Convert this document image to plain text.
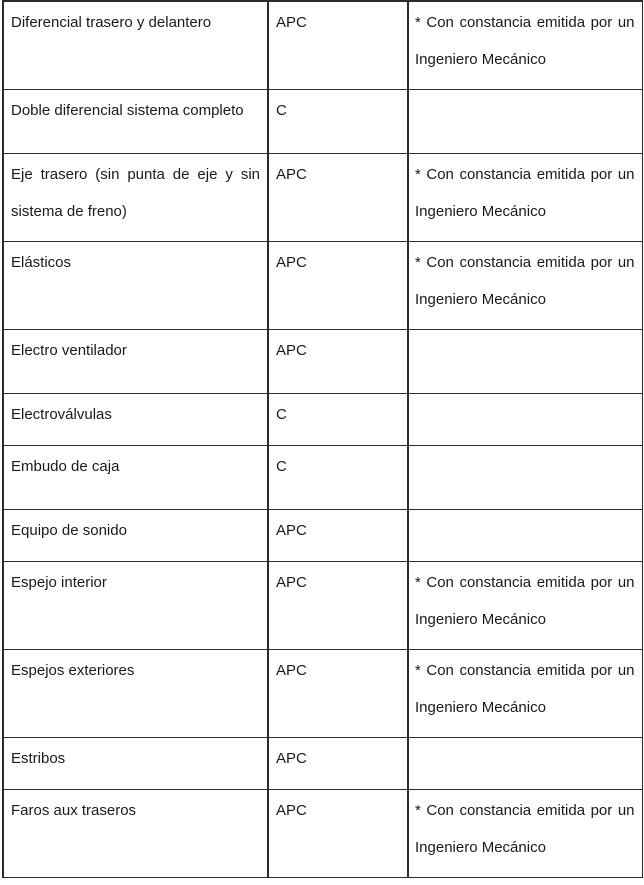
Diferencial trasero y delantero	APC	* Con constancia emitida por un Ingeniero Mecánico
Doble diferencial sistema completo	C	
Eje trasero (sin punta de eje y sin sistema de freno)	APC	* Con constancia emitida por un Ingeniero Mecánico
Elásticos	APC	* Con constancia emitida por un Ingeniero Mecánico
Electro ventilador	APC	
Electroválvulas	C	
Embudo de caja	C	
Equipo de sonido	APC	
Espejo interior	APC	* Con constancia emitida por un Ingeniero Mecánico
Espejos exteriores	APC	* Con constancia emitida por un Ingeniero Mecánico
Estribos	APC	
Faros aux traseros	APC	* Con constancia emitida por un Ingeniero Mecánico
